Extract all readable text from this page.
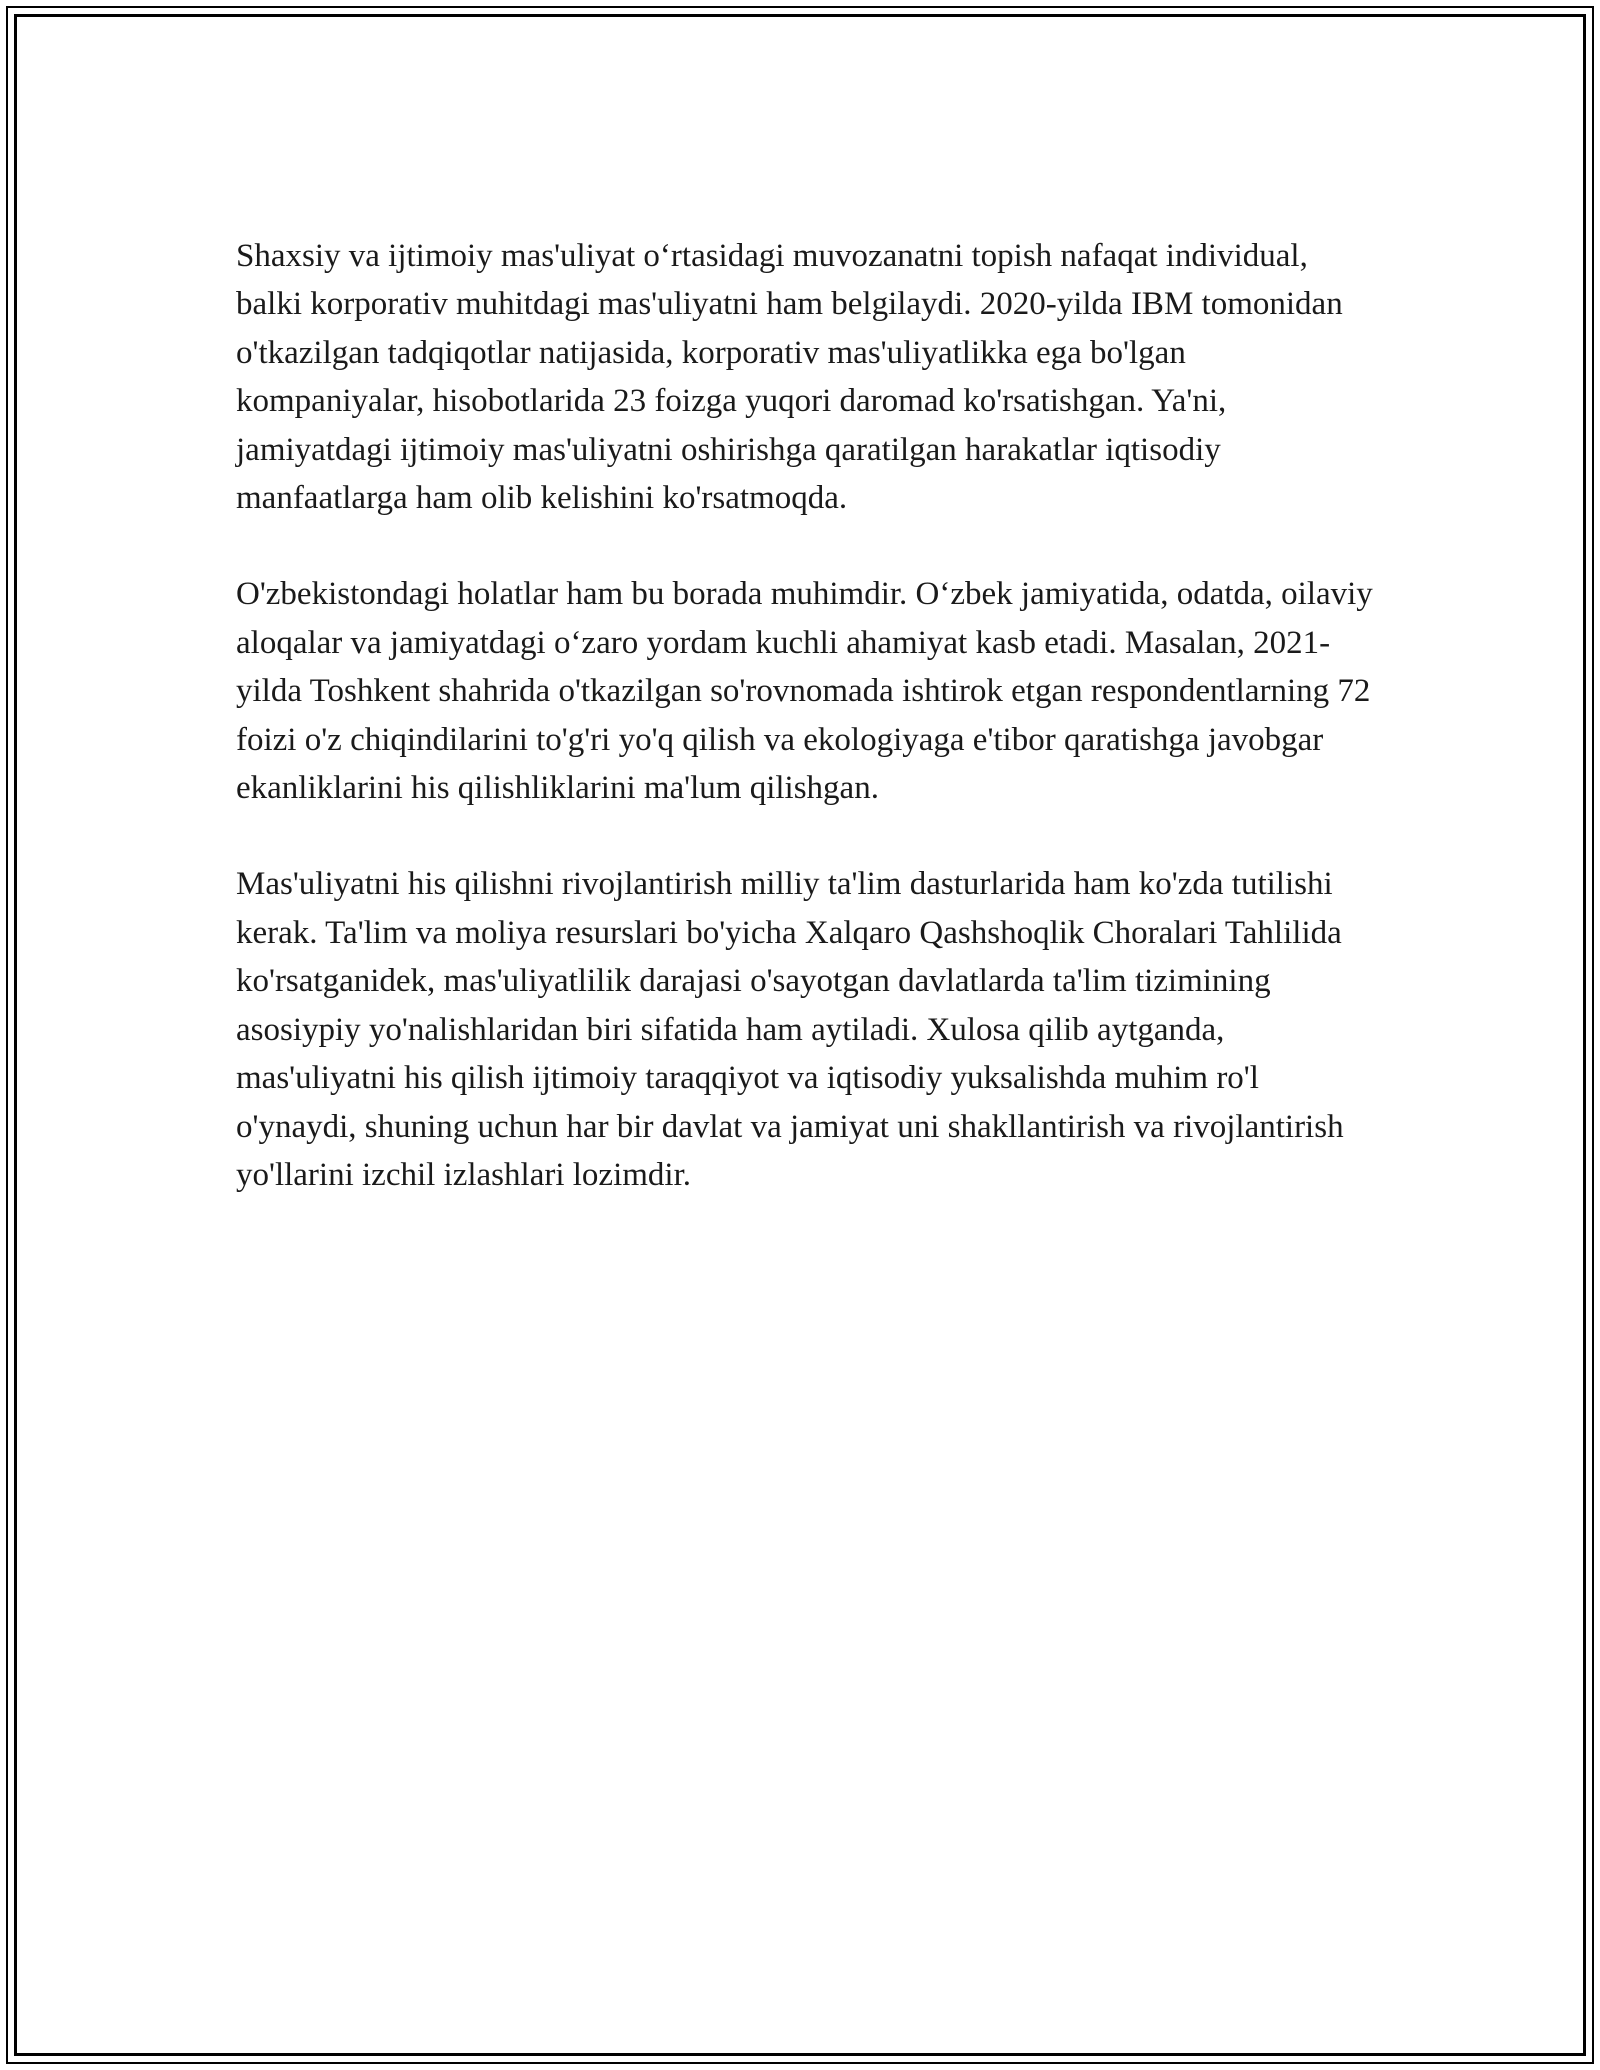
Shaxsiy va ijtimoiy mas'uliyat o‘rtasidagi muvozanatni topish nafaqat individual, balki korporativ muhitdagi mas'uliyatni ham belgilaydi. 2020-yilda IBM tomonidan o'tkazilgan tadqiqotlar natijasida, korporativ mas'uliyatlikka ega bo'lgan kompaniyalar, hisobotlarida 23 foizga yuqori daromad ko'rsatishgan. Ya'ni, jamiyatdagi ijtimoiy mas'uliyatni oshirishga qaratilgan harakatlar iqtisodiy manfaatlarga ham olib kelishini ko'rsatmoqda.

O'zbekistondagi holatlar ham bu borada muhimdir. O‘zbek jamiyatida, odatda, oilaviy aloqalar va jamiyatdagi o‘zaro yordam kuchli ahamiyat kasb etadi. Masalan, 2021-yilda Toshkent shahrida o'tkazilgan so'rovnomada ishtirok etgan respondentlarning 72 foizi o'z chiqindilarini to'g'ri yo'q qilish va ekologiyaga e'tibor qaratishga javobgar ekanliklarini his qilishliklarini ma'lum qilishgan.

Mas'uliyatni his qilishni rivojlantirish milliy ta'lim dasturlarida ham ko'zda tutilishi kerak. Ta'lim va moliya resurslari bo'yicha Xalqaro Qashshoqlik Choralari Tahlilida ko'rsatganidek, mas'uliyatlilik darajasi o'sayotgan davlatlarda ta'lim tizimining asosiypiy yo'nalishlaridan biri sifatida ham aytiladi. Xulosa qilib aytganda, mas'uliyatni his qilish ijtimoiy taraqqiyot va iqtisodiy yuksalishda muhim ro'l o'ynaydi, shuning uchun har bir davlat va jamiyat uni shakllantirish va rivojlantirish yo'llarini izchil izlashlari lozimdir.
